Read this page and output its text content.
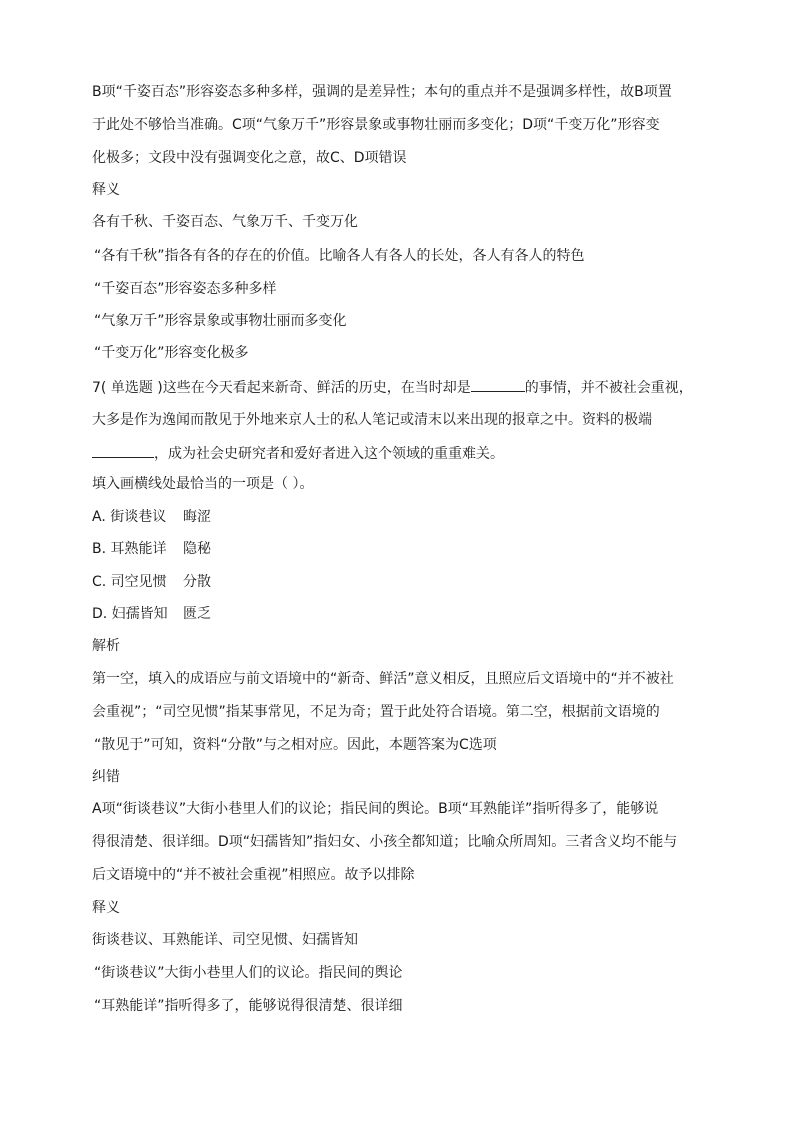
B项“千姿百态”形容姿态多种多样，强调的是差异性；本句的重点并不是强调多样性，故B项置
于此处不够恰当准确。C项“气象万千”形容景象或事物壮丽而多变化；D项“千变万化”形容变
化极多；文段中没有强调变化之意，故C、D项错误
释义
各有千秋、千姿百态、气象万千、千变万化
“各有千秋”指各有各的存在的价值。比喻各人有各人的长处，各人有各人的特色
“千姿百态”形容姿态多种多样
“气象万千”形容景象或事物壮丽而多变化
“千变万化”形容变化极多
7( 单选题 )这些在今天看起来新奇、鲜活的历史，在当时却是	的事情，并不被社会重视，
大多是作为逸闻而散见于外地来京人士的私人笔记或清末以来出现的报章之中。资料的极端
，成为社会史研究者和爱好者进入这个领域的重重难关。
填入画横线处最恰当的一项是（ ）。
A. 街谈巷议 晦涩
B. 耳熟能详 隐秘
C. 司空见惯 分散
D. 妇孺皆知 匮乏
解析
第一空，填入的成语应与前文语境中的“新奇、鲜活”意义相反，且照应后文语境中的“并不被社
会重视”；“司空见惯”指某事常见，不足为奇；置于此处符合语境。第二空，根据前文语境的
“散见于”可知，资料“分散”与之相对应。因此，本题答案为C选项
纠错
A项“街谈巷议”大街小巷里人们的议论；指民间的舆论。B项“耳熟能详”指听得多了，能够说
得很清楚、很详细。D项“妇孺皆知”指妇女、小孩全都知道；比喻众所周知。三者含义均不能与
后文语境中的“并不被社会重视”相照应。故予以排除
释义
街谈巷议、耳熟能详、司空见惯、妇孺皆知
“街谈巷议”大街小巷里人们的议论。指民间的舆论
“耳熟能详”指听得多了，能够说得很清楚、很详细
